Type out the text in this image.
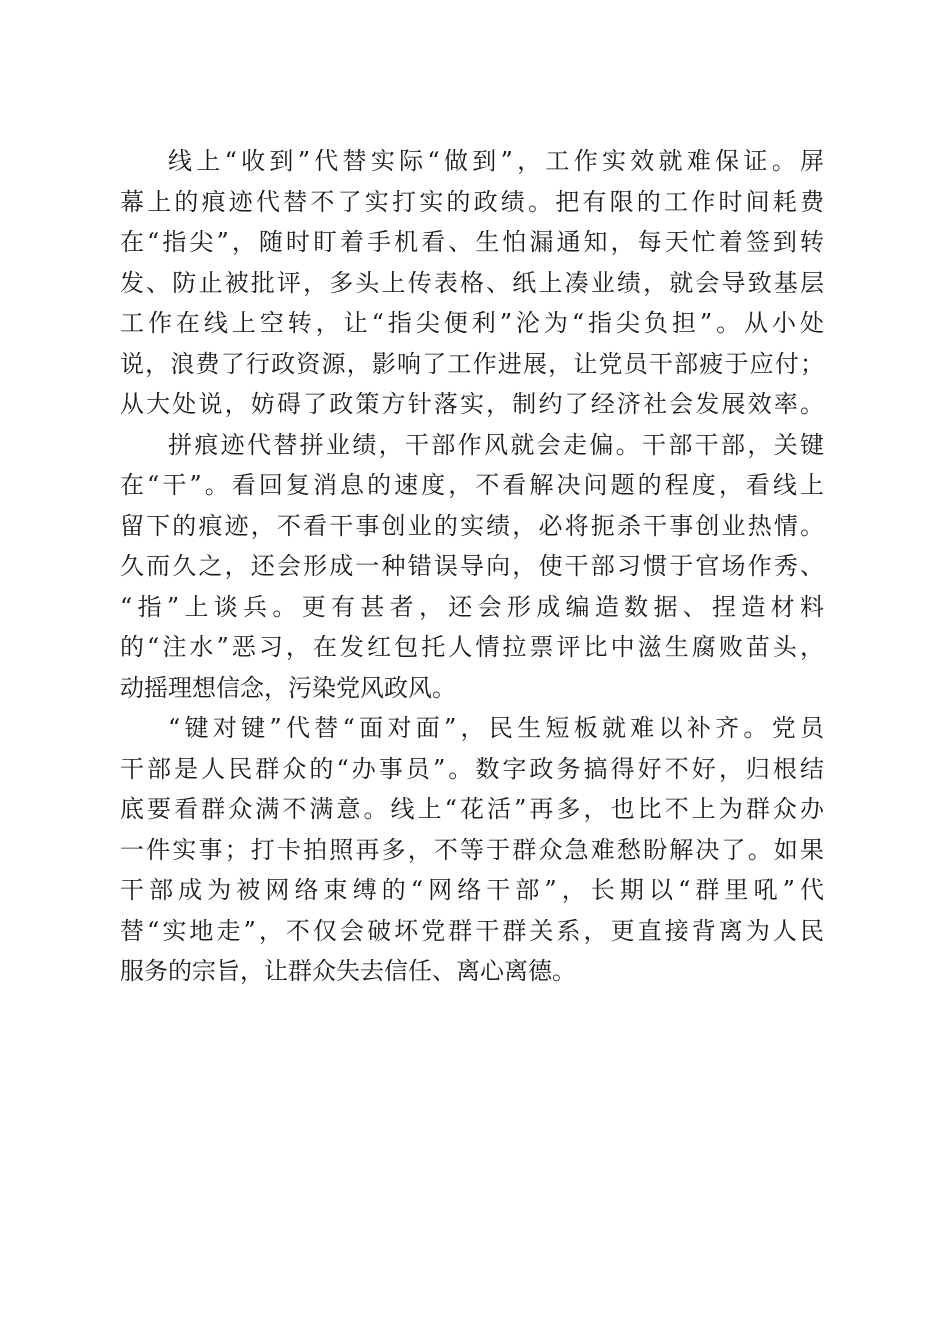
线上“收到”代替实际“做到”，工作实效就难保证。屏
幕上的痕迹代替不了实打实的政绩。把有限的工作时间耗费
在“指尖”，随时盯着手机看、生怕漏通知，每天忙着签到转
发、防止被批评，多头上传表格、纸上凑业绩，就会导致基层
工作在线上空转，让“指尖便利”沦为“指尖负担”。从小处
说，浪费了行政资源，影响了工作进展，让党员干部疲于应付；
从大处说，妨碍了政策方针落实，制约了经济社会发展效率。

拼痕迹代替拼业绩，干部作风就会走偏。干部干部，关键
在“干”。看回复消息的速度，不看解决问题的程度，看线上
留下的痕迹，不看干事创业的实绩，必将扼杀干事创业热情。
久而久之，还会形成一种错误导向，使干部习惯于官场作秀、
“指”上谈兵。更有甚者，还会形成编造数据、捏造材料
的“注水”恶习，在发红包托人情拉票评比中滋生腐败苗头，
动摇理想信念，污染党风政风。

“键对键”代替“面对面”，民生短板就难以补齐。党员
干部是人民群众的“办事员”。数字政务搞得好不好，归根结
底要看群众满不满意。线上“花活”再多，也比不上为群众办
一件实事；打卡拍照再多，不等于群众急难愁盼解决了。如果
干部成为被网络束缚的“网络干部”，长期以“群里吼”代
替“实地走”，不仅会破坏党群干群关系，更直接背离为人民
服务的宗旨，让群众失去信任、离心离德。
